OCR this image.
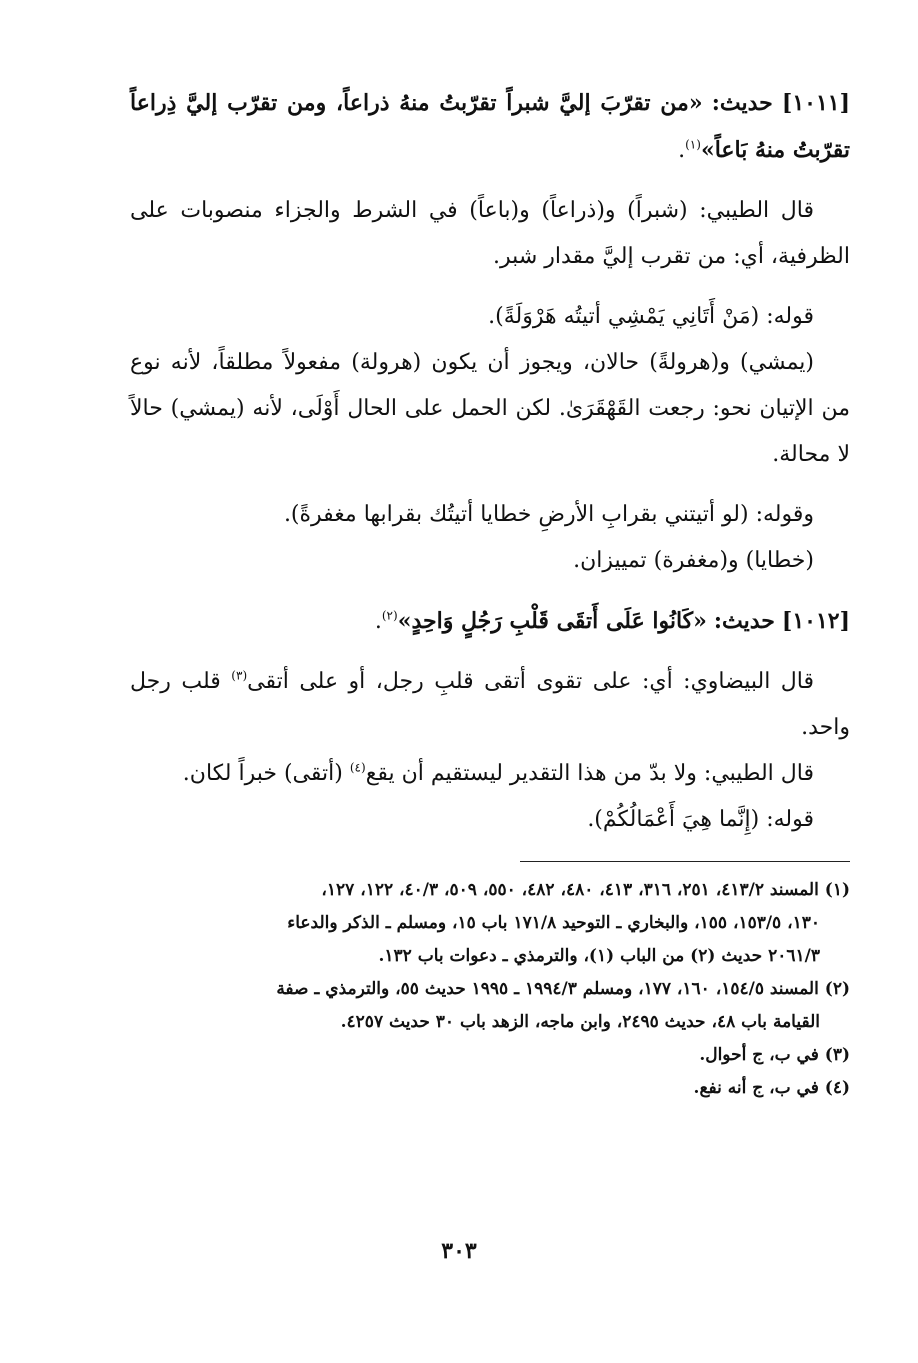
[١٠١١] حديث: «من تقرّبَ إليَّ شبراً تقرّبتُ منهُ ذراعاً، ومن تقرّب إليَّ ذِراعاً تقرّبتُ منهُ بَاعاً»$^{(١)}$.

قال الطيبي: (شبراً) و(ذراعاً) و(باعاً) في الشرط والجزاء منصوبات على الظرفية، أي: من تقرب إليَّ مقدار شبر.

قوله: (مَنْ أَتَانِي يَمْشِي أتيتُه هَرْوَلَةً).

(يمشي) و(هرولةً) حالان، ويجوز أن يكون (هرولة) مفعولاً مطلقاً، لأنه نوع من الإتيان نحو: رجعت القَهْقَرَىٰ. لكن الحمل على الحال أَوْلَى، لأنه (يمشي) حالاً لا محالة.

وقوله: (لو أتيتني بقرابِ الأرضِ خطايا أتيتُك بقرابها مغفرةً).

(خطايا) و(مغفرة) تمييزان.

[١٠١٢] حديث: «كَانُوا عَلَى أَتقَى قَلْبِ رَجُلٍ وَاحِدٍ»$^{(٢)}$.

قال البيضاوي: أي: على تقوى أتقى قلبِ رجل، أو على أتقى$^{(٣)}$ قلب رجل واحد.

قال الطيبي: ولا بدّ من هذا التقدير ليستقيم أن يقع$^{(٤)}$ (أتقى) خبراً لكان.

قوله: (إِنَّما هِيَ أَعْمَالُكُمْ).

(١) المسند ٤١٣/٢، ٢٥١، ٣١٦، ٤١٣، ٤٨٠، ٤٨٢، ٥٥٠، ٥٠٩، ٤٠/٣، ١٢٢، ١٢٧،

١٣٠، ١٥٣/٥، ١٥٥، والبخاري ـ التوحيد ١٧١/٨ باب ١٥، ومسلم ـ الذكر والدعاء

٢٠٦١/٣ حديث (٢) من الباب (١)، والترمذي ـ دعوات باب ١٣٢.

(٢) المسند ١٥٤/٥، ١٦٠، ١٧٧، ومسلم ١٩٩٤/٣ ـ ١٩٩٥ حديث ٥٥، والترمذي ـ صفة

القيامة باب ٤٨، حديث ٢٤٩٥، وابن ماجه، الزهد باب ٣٠ حديث ٤٢٥٧.

(٣) في ب، ج أحوال.

(٤) في ب، ج أنه نفع.

٣٠٣
